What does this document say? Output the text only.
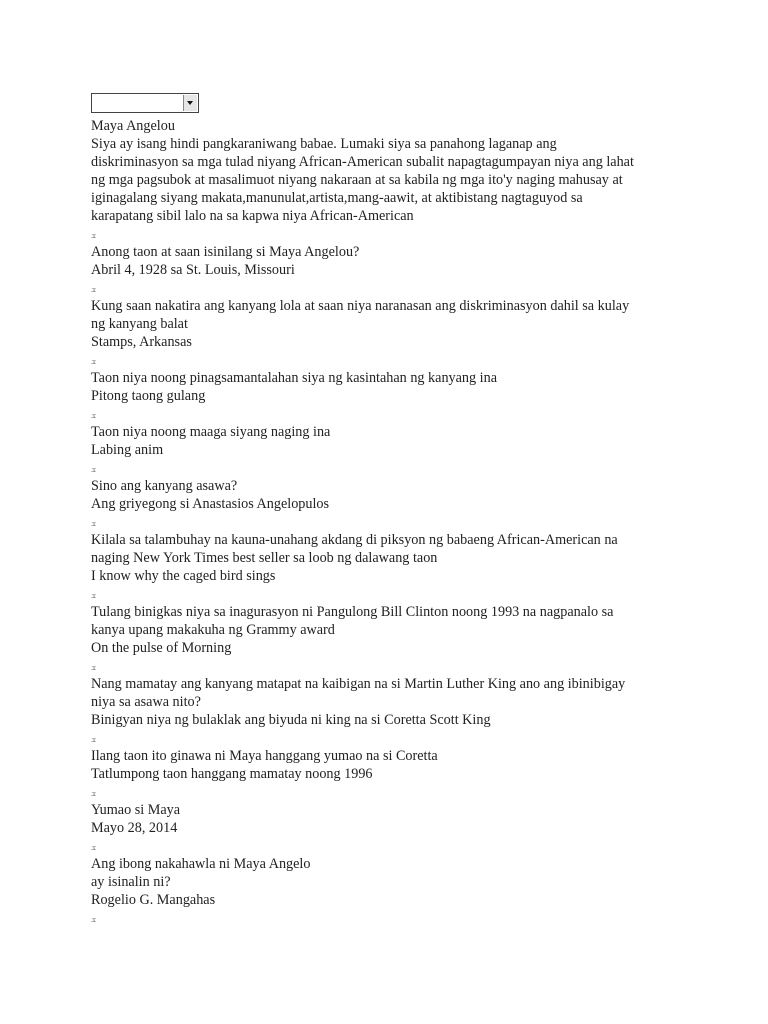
Maya Angelou
Siya ay isang hindi pangkaraniwang babae. Lumaki siya sa panahong laganap ang
diskriminasyon sa mga tulad niyang African-American subalit napagtagumpayan niya ang lahat
ng mga pagsubok at masalimuot niyang nakaraan at sa kabila ng mga ito'y naging mahusay at
iginagalang siyang makata,manunulat,artista,mang-aawit, at aktibistang nagtaguyod sa
karapatang sibil lalo na sa kapwa niya African-American
ܫ
Anong taon at saan isinilang si Maya Angelou?
Abril 4, 1928 sa St. Louis, Missouri
ܫ
Kung saan nakatira ang kanyang lola at saan niya naranasan ang diskriminasyon dahil sa kulay
ng kanyang balat
Stamps, Arkansas
ܫ
Taon niya noong pinagsamantalahan siya ng kasintahan ng kanyang ina
Pitong taong gulang
ܫ
Taon niya noong maaga siyang naging ina
Labing anim
ܫ
Sino ang kanyang asawa?
Ang griyegong si Anastasios Angelopulos
ܫ
Kilala sa talambuhay na kauna-unahang akdang di piksyon ng babaeng African-American na
naging New York Times best seller sa loob ng dalawang taon
I know why the caged bird sings
ܫ
Tulang binigkas niya sa inagurasyon ni Pangulong Bill Clinton noong 1993 na nagpanalo sa
kanya upang makakuha ng Grammy award
On the pulse of Morning
ܫ
Nang mamatay ang kanyang matapat na kaibigan na si Martin Luther King ano ang ibinibigay
niya sa asawa nito?
Binigyan niya ng bulaklak ang biyuda ni king na si Coretta Scott King
ܫ
Ilang taon ito ginawa ni Maya hanggang yumao na si Coretta
Tatlumpong taon hanggang mamatay noong 1996
ܫ
Yumao si Maya
Mayo 28, 2014
ܫ
Ang ibong nakahawla ni Maya Angelo
ay isinalin ni?
Rogelio G. Mangahas
ܫ
